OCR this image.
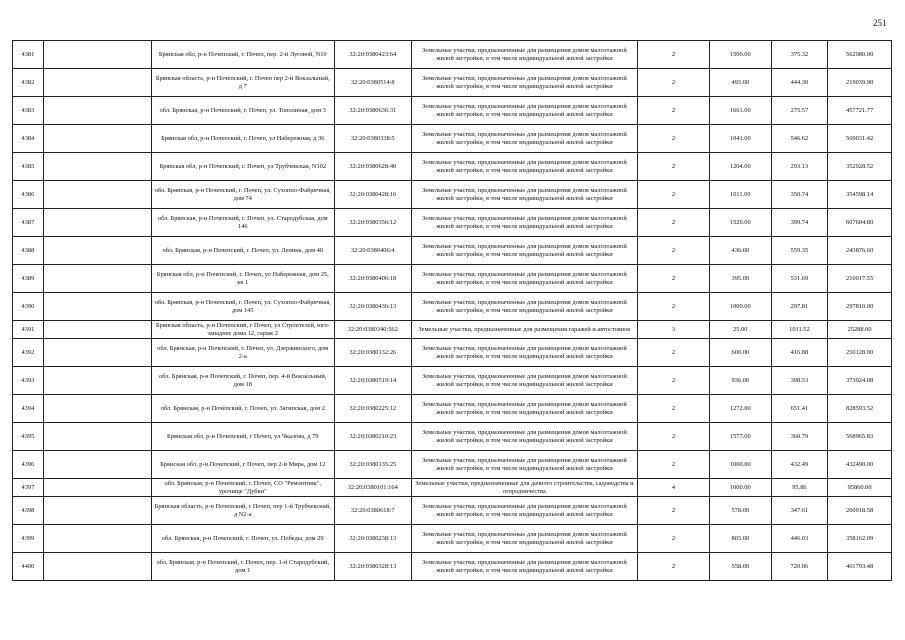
251
4381		Брянская обл, р-н Почепский, г. Почеп, пер. 2-й Луговой, N10	32:20:0380423:64	Земельные участки, предназначенные для размещения домов малоэтажной жилой застройки, в том числе индивидуальной жилой застройки	2	1500.00	375.32	562980.00
4382		Брянская область, р-н Почепский, г. Почеп пер 2-й Вокзальный, д 7	32:20:0380514:8	Земельные участки, предназначенные для размещения домов малоэтажной жилой застройки, в том числе индивидуальной жилой застройки	2	493.00	444.30	219039.90
4383		обл. Брянская, р-н Почепский, г. Почеп, ул. Тополиная, дом 3	32:20:0380636:31	Земельные участки, предназначенные для размещения домов малоэтажной жилой застройки, в том числе индивидуальной жилой застройки	2	1661.00	275.57	457721.77
4384		Брянская обл, р-н Почепский, г. Почеп, ул Набережная, д 36	32:20:0380338:5	Земельные участки, предназначенные для размещения домов малоэтажной жилой застройки, в том числе индивидуальной жилой застройки	2	1041.00	546.62	569031.42
4385		Брянская обл, р-н Почепский, г. Почеп, ул Трубчевская, N102	32:20:0380628:40	Земельные участки, предназначенные для размещения домов малоэтажной жилой застройки, в том числе индивидуальной жилой застройки	2	1204.00	293.13	352928.52
4386		обл. Брянская, р-н Почепский, г. Почеп, ул. Сухопно-Фабричная, дом 74	32:20:0380428:16	Земельные участки, предназначенные для размещения домов малоэтажной жилой застройки, в том числе индивидуальной жилой застройки	2	1011.00	350.74	354598.14
4387		обл. Брянская, р-н Почепский, г. Почеп, ул. Стародубская, дом 146	32:20:0380356:12	Земельные участки, предназначенные для размещения домов малоэтажной жилой застройки, в том числе индивидуальной жилой застройки	2	1520.00	399.74	607604.80
4388		обл. Брянская, р-н Почепский, г. Почеп, ул. Ленина, дом 40	32:20:0380406:4	Земельные участки, предназначенные для размещения домов малоэтажной жилой застройки, в том числе индивидуальной жилой застройки	2	436.00	559.35	243876.60
4389		Брянская обл, р-н Почепский, г. Почеп, ул Набережная, дом 25, кв 1	32:20:0380406:18	Земельные участки, предназначенные для размещения домов малоэтажной жилой застройки, в том числе индивидуальной жилой застройки	2	395.00	531.69	210017.55
4390		обл. Брянская, р-н Почепский, г. Почеп, ул. Сухопно-Фабричная, дом 145	32:20:0380436:13	Земельные участки, предназначенные для размещения домов малоэтажной жилой застройки, в том числе индивидуальной жилой застройки	2	1000.00	297.81	297810.00
4391		Брянская область, р-н Почепский, г Почеп, ул Строителей, юго-западнее дома 12, гараж 2	32:20:0380340:562	Земельные участки, предназначенные для размещения гаражей и автостоянок	3	25.00	1011.52	25288.00
4392		обл. Брянская, р-н Почепский, г. Почеп, ул. Дзержинского, дом 2-а	32:20:0380132:26	Земельные участки, предназначенные для размещения домов малоэтажной жилой застройки, в том числе индивидуальной жилой застройки	2	600.00	416.88	250128.00
4393		обл. Брянская, р-н Почепский, г. Почеп, пер. 4-й Вокзальный, дом 18	32:20:0380519:14	Земельные участки, предназначенные для размещения домов малоэтажной жилой застройки, в том числе индивидуальной жилой застройки	2	936.00	398.53	373024.08
4394		обл. Брянская, р-н Почепский, г. Почеп, ул. Загипская, дом 2	32:20:0380225:12	Земельные участки, предназначенные для размещения домов малоэтажной жилой застройки, в том числе индивидуальной жилой застройки	2	1272.00	651.41	828593.52
4395		Брянская обл, р-н Почепский, г Почеп, ул Чкалова, д 79	32:20:0380210:23	Земельные участки, предназначенные для размещения домов малоэтажной жилой застройки, в том числе индивидуальной жилой застройки	2	1577.00	360.79	568965.83
4396		Брянская обл, р-н Почепский, г Почеп, пер 2-й Мира, дом 12	32:20:0380135:25	Земельные участки, предназначенные для размещения домов малоэтажной жилой застройки, в том числе индивидуальной жилой застройки	2	1000.00	432.49	432490.00
4397		обл. Брянская, р-н Почепский, г. Почеп, СО "Ремонтник", урочище "Дубки"	32:20:0380101:164	Земельные участки, предназначенные для дачного строительства, садоводства и огородничества	4	1000.00	95.86	95860.00
4398		Брянская область, р-н Почепский, г Почеп, пер 1-й Трубчевский, д N2-а	32:20:0380618:7	Земельные участки, предназначенные для размещения домов малоэтажной жилой застройки, в том числе индивидуальной жилой застройки	2	578.00	347.61	200918.58
4399		обл. Брянская, р-н Почепский, г. Почеп, ул. Победы, дом 29	32:20:0380238:13	Земельные участки, предназначенные для размещения домов малоэтажной жилой застройки, в том числе индивидуальной жилой застройки	2	803.00	446.03	358162.09
4400		обл. Брянская, р-н Почепский, г. Почеп, пер. 1-й Стародубский, дом 1	32:20:0380328:13	Земельные участки, предназначенные для размещения домов малоэтажной жилой застройки, в том числе индивидуальной жилой застройки	2	558.00	720.06	401793.48
